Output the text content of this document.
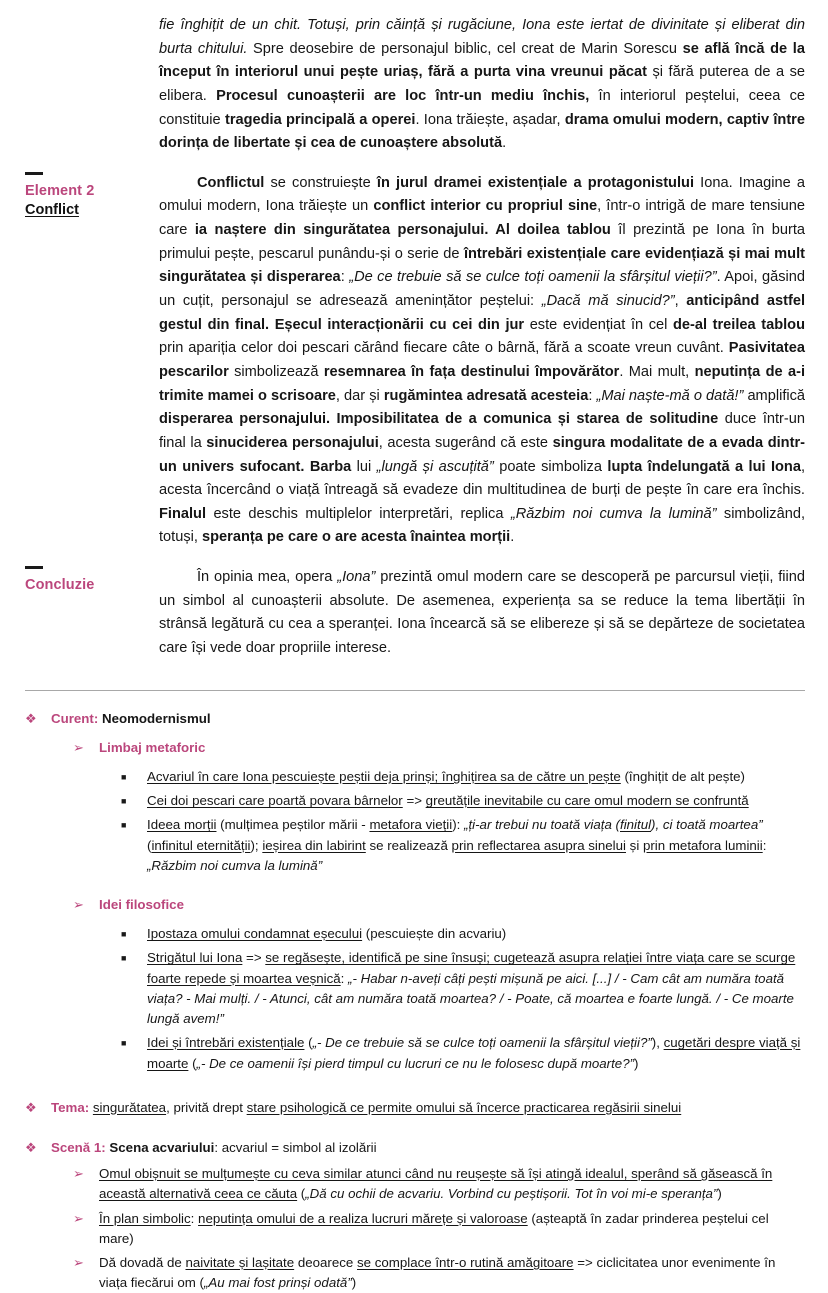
fie înghițit de un chit. Totuși, prin căință și rugăciune, Iona este iertat de divinitate și eliberat din burta chitului. Spre deosebire de personajul biblic, cel creat de Marin Sorescu se află încă de la început în interiorul unui pește uriaș, fără a purta vina vreunui păcat și fără puterea de a se elibera. Procesul cunoașterii are loc într-un mediu închis, în interiorul peștelui, ceea ce constituie tragedia principală a operei. Iona trăiește, așadar, drama omului modern, captiv între dorința de libertate și cea de cunoaștere absolută.

Element 2
Conflict

Conflictul se construiește în jurul dramei existențiale a protagonistului Iona. Imagine a omului modern, Iona trăiește un conflict interior cu propriul sine, într-o intrigă de mare tensiune care ia naștere din singurătatea personajului. Al doilea tablou îl prezintă pe Iona în burta primului pește, pescarul punându-și o serie de întrebări existențiale care evidențiază și mai mult singurătatea și disperarea: „De ce trebuie să se culce toți oamenii la sfârșitul vieții?”. Apoi, găsind un cuțit, personajul se adresează amenințător peștelui: „Dacă mă sinucid?”, anticipând astfel gestul din final. Eșecul interacționării cu cei din jur este evidențiat în cel de-al treilea tablou prin apariția celor doi pescari cărând fiecare câte o bârnă, fără a scoate vreun cuvânt. Pasivitatea pescarilor simbolizează resemnarea în fața destinului împovărător. Mai mult, neputința de a-i trimite mamei o scrisoare, dar și rugămintea adresată acesteia: „Mai naște-mă o dată!” amplifică disperarea personajului. Imposibilitatea de a comunica și starea de solitudine duce într-un final la sinuciderea personajului, acesta sugerând că este singura modalitate de a evada dintr-un univers sufocant. Barba lui „lungă și ascuțită” poate simboliza lupta îndelungată a lui Iona, acesta încercând o viață întreagă să evadeze din multitudinea de burți de pește în care era închis. Finalul este deschis multiplelor interpretări, replica „Răzbim noi cumva la lumină” simbolizând, totuși, speranța pe care o are acesta înaintea morții.

Concluzie	În opinia mea, opera „Iona” prezintă omul modern care se descoperă pe parcursul vieții, fiind un simbol al cunoașterii absolute. De asemenea, experiența sa se reduce la tema libertății în strânsă legătură cu cea a speranței. Iona încearcă să se elibereze și să se depărteze de societatea care își vede doar propriile interese.

❖	Curent: Neomodernismul
➢	Limbaj metaforic
■	Acvariul în care Iona pescuiește peștii deja prinși; înghițirea sa de către un pește (înghițit de alt pește)
■	Cei doi pescari care poartă povara bârnelor => greutățile inevitabile cu care omul modern se confruntă
■	Ideea morții (mulțimea peștilor mării - metafora vieții): „ți-ar trebui nu toată viața (finitul), ci toată moartea” (infinitul eternității); ieșirea din labirint se realizează prin reflectarea asupra sinelui și prin metafora luminii: „Răzbim noi cumva la lumină”
➢	Idei filosofice
■	Ipostaza omului condamnat eșecului (pescuiește din acvariu)
■	Strigătul lui Iona => se regăsește, identifică pe sine însuși; cugetează asupra relației între viața care se scurge foarte repede și moartea veșnică: „- Habar n-aveți câți pești mișună pe aici. [...] / - Cam cât am număra toată viața? - Mai mulți. / - Atunci, cât am număra toată moartea? / - Poate, că moartea e foarte lungă. / - Ce moarte lungă avem!”
■	Idei și întrebări existențiale („- De ce trebuie să se culce toți oamenii la sfârșitul vieții?”), cugetări despre viață și moarte („- De ce oamenii își pierd timpul cu lucruri ce nu le folosesc după moarte?”)
❖	Tema: singurătatea, privită drept stare psihologică ce permite omului să încerce practicarea regăsirii sinelui
❖	Scenă 1: Scena acvariului: acvariul = simbol al izolării
➢	Omul obișnuit se mulțumește cu ceva similar atunci când nu reușește să își atingă idealul, sperând să găsească în această alternativă ceea ce căuta („Dă cu ochii de acvariu. Vorbind cu peștișorii. Tot în voi mi-e speranța”)
➢	În plan simbolic: neputința omului de a realiza lucruri mărețe și valoroase (așteaptă în zadar prinderea peștelui cel mare)
➢	Dă dovadă de naivitate și lașitate deoarece se complace într-o rutină amăgitoare => ciclicitatea unor evenimente în viața fiecărui om („Au mai fost prinși odată”)
